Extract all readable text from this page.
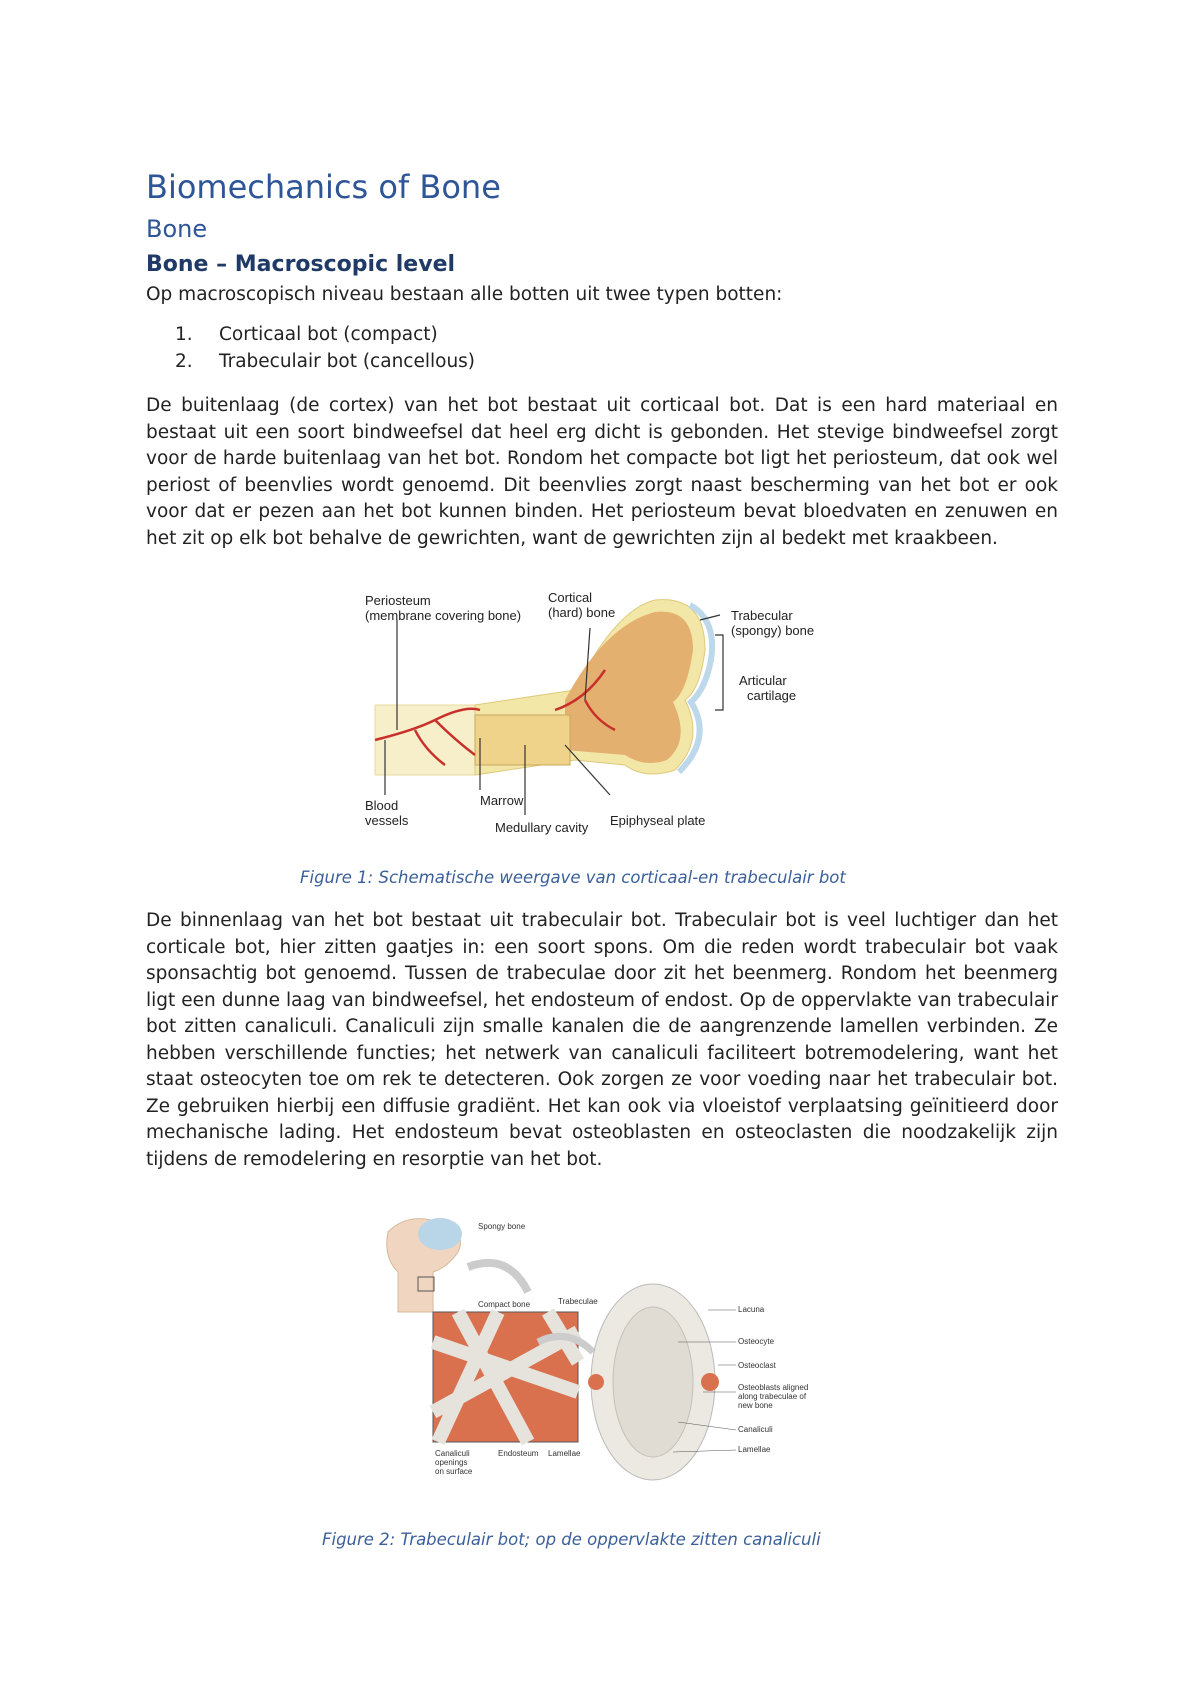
Biomechanics of Bone
Bone
Bone – Macroscopic level

Op macroscopisch niveau bestaan alle botten uit twee typen botten:

1. Corticaal bot (compact)
2. Trabeculair bot (cancellous)

De buitenlaag (de cortex) van het bot bestaat uit corticaal bot. Dat is een hard materiaal en bestaat uit een soort bindweefsel dat heel erg dicht is gebonden. Het stevige bindweefsel zorgt voor de harde buitenlaag van het bot. Rondom het compacte bot ligt het periosteum, dat ook wel periost of beenvlies wordt genoemd. Dit beenvlies zorgt naast bescherming van het bot er ook voor dat er pezen aan het bot kunnen binden. Het periosteum bevat bloedvaten en zenuwen en het zit op elk bot behalve de gewrichten, want de gewrichten zijn al bedekt met kraakbeen.

Periosteum
(membrane covering bone)
Cortical
(hard) bone	Trabecular
(spongy) bone
Articular
cartilage
Blood
vessels
Marrow
Medullary cavity Epiphyseal plate

Figure 1: Schematische weergave van corticaal-en trabeculair bot

De binnenlaag van het bot bestaat uit trabeculair bot. Trabeculair bot is veel luchtiger dan het corticale bot, hier zitten gaatjes in: een soort spons. Om die reden wordt trabeculair bot vaak sponsachtig bot genoemd. Tussen de trabeculae door zit het beenmerg. Rondom het beenmerg ligt een dunne laag van bindweefsel, het endosteum of endost. Op de oppervlakte van trabeculair bot zitten canaliculi. Canaliculi zijn smalle kanalen die de aangrenzende lamellen verbinden. Ze hebben verschillende functies; het netwerk van canaliculi faciliteert botremodelering, want het staat osteocyten toe om rek te detecteren. Ook zorgen ze voor voeding naar het trabeculair bot. Ze gebruiken hierbij een diffusie gradiënt. Het kan ook via vloeistof verplaatsing geïnitieerd door mechanische lading. Het endosteum bevat osteoblasten en osteoclasten die noodzakelijk zijn tijdens de remodelering en resorptie van het bot.

Spongy bone
Compact bone	Trabeculae
Canaliculi
openings
on surface
Endosteum Lamellae
Lacuna
Osteocyte
Osteoclast
Osteoblasts aligned
along trabeculae of
new bone
Canaliculi
Lamellae

Figure 2: Trabeculair bot; op de oppervlakte zitten canaliculi
